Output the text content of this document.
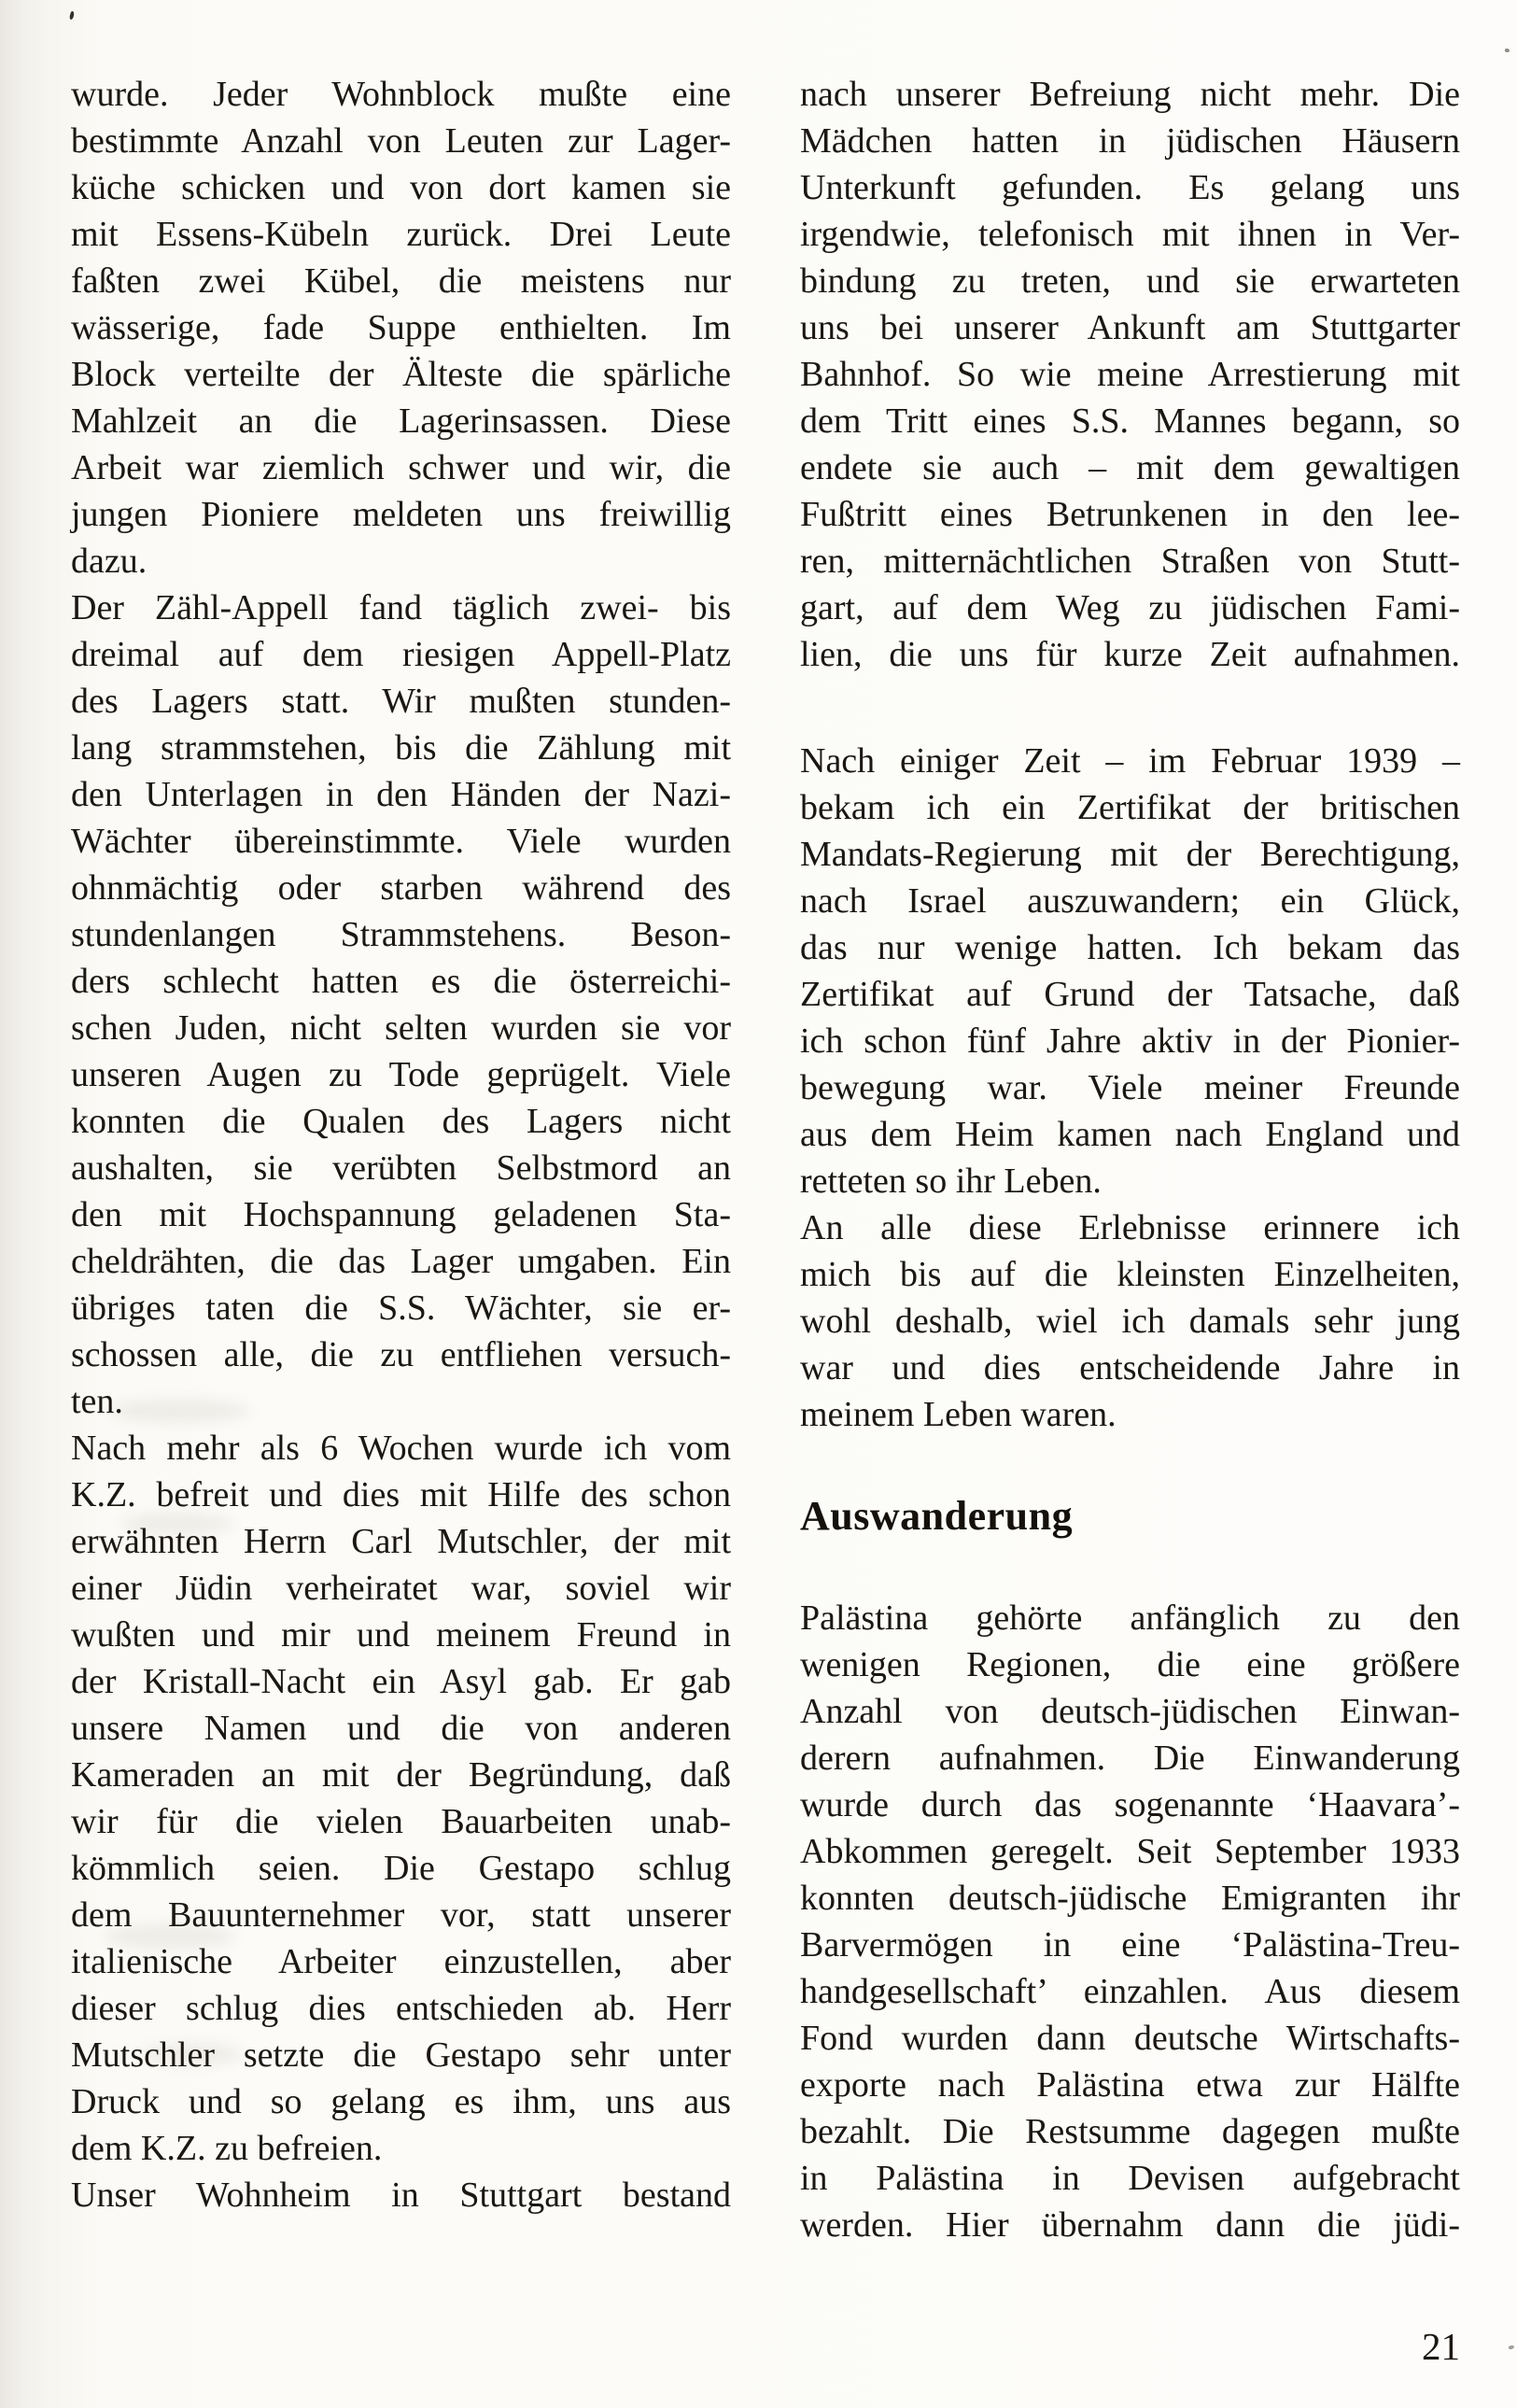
wurde. Jeder Wohnblock mußte eine
bestimmte Anzahl von Leuten zur Lager-
küche schicken und von dort kamen sie
mit Essens-Kübeln zurück. Drei Leute
faßten zwei Kübel, die meistens nur
wässerige, fade Suppe enthielten. Im
Block verteilte der Älteste die spärliche
Mahlzeit an die Lagerinsassen. Diese
Arbeit war ziemlich schwer und wir, die
jungen Pioniere meldeten uns freiwillig
dazu.
Der Zähl-Appell fand täglich zwei- bis
dreimal auf dem riesigen Appell-Platz
des Lagers statt. Wir mußten stunden-
lang strammstehen, bis die Zählung mit
den Unterlagen in den Händen der Nazi-
Wächter übereinstimmte. Viele wurden
ohnmächtig oder starben während des
stundenlangen Strammstehens. Beson-
ders schlecht hatten es die österreichi-
schen Juden, nicht selten wurden sie vor
unseren Augen zu Tode geprügelt. Viele
konnten die Qualen des Lagers nicht
aushalten, sie verübten Selbstmord an
den mit Hochspannung geladenen Sta-
cheldrähten, die das Lager umgaben. Ein
übriges taten die S.S. Wächter, sie er-
schossen alle, die zu entfliehen versuch-
ten.
Nach mehr als 6 Wochen wurde ich vom
K.Z. befreit und dies mit Hilfe des schon
erwähnten Herrn Carl Mutschler, der mit
einer Jüdin verheiratet war, soviel wir
wußten und mir und meinem Freund in
der Kristall-Nacht ein Asyl gab. Er gab
unsere Namen und die von anderen
Kameraden an mit der Begründung, daß
wir für die vielen Bauarbeiten unab-
kömmlich seien. Die Gestapo schlug
dem Bauunternehmer vor, statt unserer
italienische Arbeiter einzustellen, aber
dieser schlug dies entschieden ab. Herr
Mutschler setzte die Gestapo sehr unter
Druck und so gelang es ihm, uns aus
dem K.Z. zu befreien.
Unser Wohnheim in Stuttgart bestand
nach unserer Befreiung nicht mehr. Die
Mädchen hatten in jüdischen Häusern
Unterkunft gefunden. Es gelang uns
irgendwie, telefonisch mit ihnen in Ver-
bindung zu treten, und sie erwarteten
uns bei unserer Ankunft am Stuttgarter
Bahnhof. So wie meine Arrestierung mit
dem Tritt eines S.S. Mannes begann, so
endete sie auch – mit dem gewaltigen
Fußtritt eines Betrunkenen in den lee-
ren, mitternächtlichen Straßen von Stutt-
gart, auf dem Weg zu jüdischen Fami-
lien, die uns für kurze Zeit aufnahmen.
Nach einiger Zeit – im Februar 1939 –
bekam ich ein Zertifikat der britischen
Mandats-Regierung mit der Berechtigung,
nach Israel auszuwandern; ein Glück,
das nur wenige hatten. Ich bekam das
Zertifikat auf Grund der Tatsache, daß
ich schon fünf Jahre aktiv in der Pionier-
bewegung war. Viele meiner Freunde
aus dem Heim kamen nach England und
retteten so ihr Leben.
An alle diese Erlebnisse erinnere ich
mich bis auf die kleinsten Einzelheiten,
wohl deshalb, wiel ich damals sehr jung
war und dies entscheidende Jahre in
meinem Leben waren.
Auswanderung
Palästina gehörte anfänglich zu den
wenigen Regionen, die eine größere
Anzahl von deutsch-jüdischen Einwan-
derern aufnahmen. Die Einwanderung
wurde durch das sogenannte ‘Haavara’-
Abkommen geregelt. Seit September 1933
konnten deutsch-jüdische Emigranten ihr
Barvermögen in eine ‘Palästina-Treu-
handgesellschaft’ einzahlen. Aus diesem
Fond wurden dann deutsche Wirtschafts-
exporte nach Palästina etwa zur Hälfte
bezahlt. Die Restsumme dagegen mußte
in Palästina in Devisen aufgebracht
werden. Hier übernahm dann die jüdi-
21
